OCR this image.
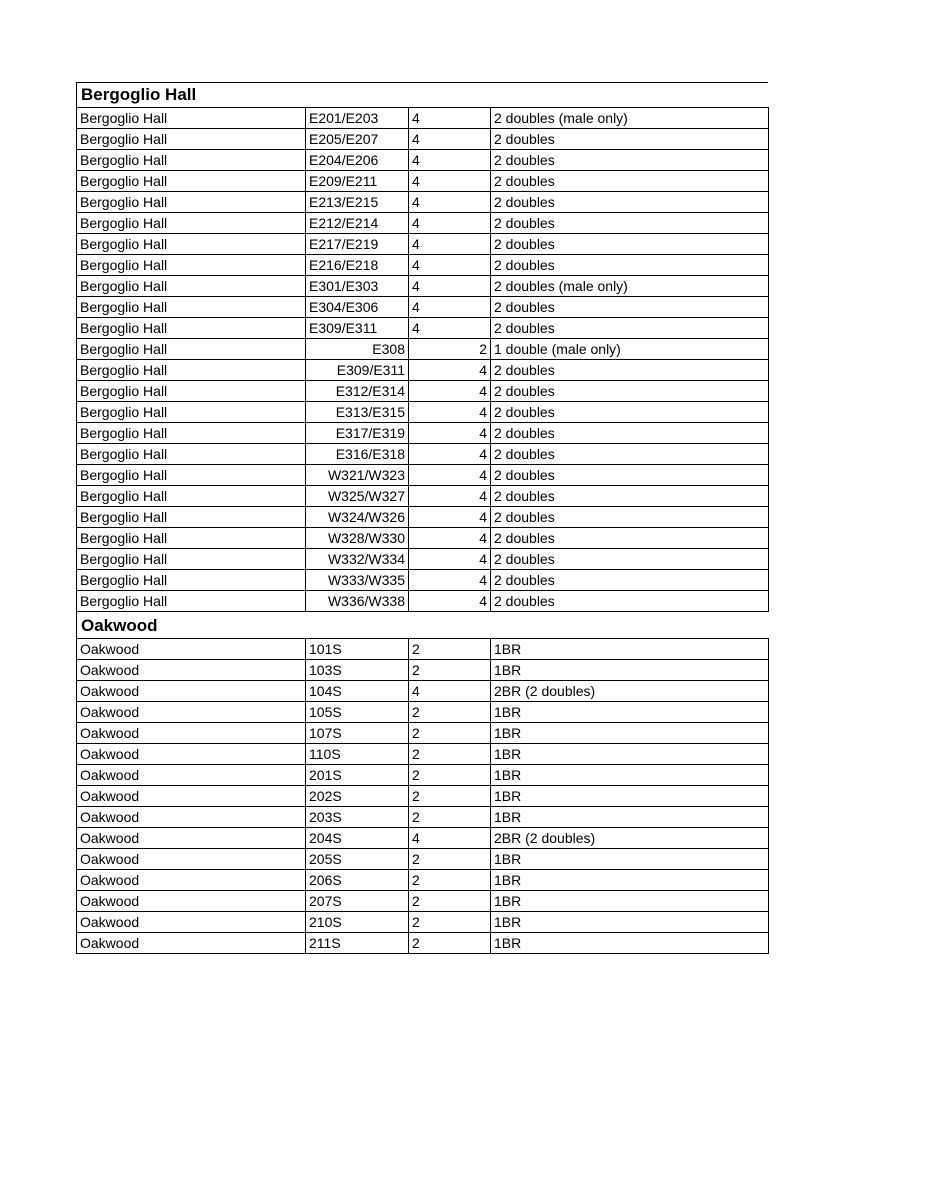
Bergoglio Hall
Bergoglio Hall	E201/E203	4	2 doubles (male only)
Bergoglio Hall	E205/E207	4	2 doubles
Bergoglio Hall	E204/E206	4	2 doubles
Bergoglio Hall	E209/E211	4	2 doubles
Bergoglio Hall	E213/E215	4	2 doubles
Bergoglio Hall	E212/E214	4	2 doubles
Bergoglio Hall	E217/E219	4	2 doubles
Bergoglio Hall	E216/E218	4	2 doubles
Bergoglio Hall	E301/E303	4	2 doubles (male only)
Bergoglio Hall	E304/E306	4	2 doubles
Bergoglio Hall	E309/E311	4	2 doubles
Bergoglio Hall	E308	2	1 double (male only)
Bergoglio Hall	E309/E311	4	2 doubles
Bergoglio Hall	E312/E314	4	2 doubles
Bergoglio Hall	E313/E315	4	2 doubles
Bergoglio Hall	E317/E319	4	2 doubles
Bergoglio Hall	E316/E318	4	2 doubles
Bergoglio Hall	W321/W323	4	2 doubles
Bergoglio Hall	W325/W327	4	2 doubles
Bergoglio Hall	W324/W326	4	2 doubles
Bergoglio Hall	W328/W330	4	2 doubles
Bergoglio Hall	W332/W334	4	2 doubles
Bergoglio Hall	W333/W335	4	2 doubles
Bergoglio Hall	W336/W338	4	2 doubles
Oakwood
Oakwood	101S	2	1BR
Oakwood	103S	2	1BR
Oakwood	104S	4	2BR (2 doubles)
Oakwood	105S	2	1BR
Oakwood	107S	2	1BR
Oakwood	110S	2	1BR
Oakwood	201S	2	1BR
Oakwood	202S	2	1BR
Oakwood	203S	2	1BR
Oakwood	204S	4	2BR (2 doubles)
Oakwood	205S	2	1BR
Oakwood	206S	2	1BR
Oakwood	207S	2	1BR
Oakwood	210S	2	1BR
Oakwood	211S	2	1BR
